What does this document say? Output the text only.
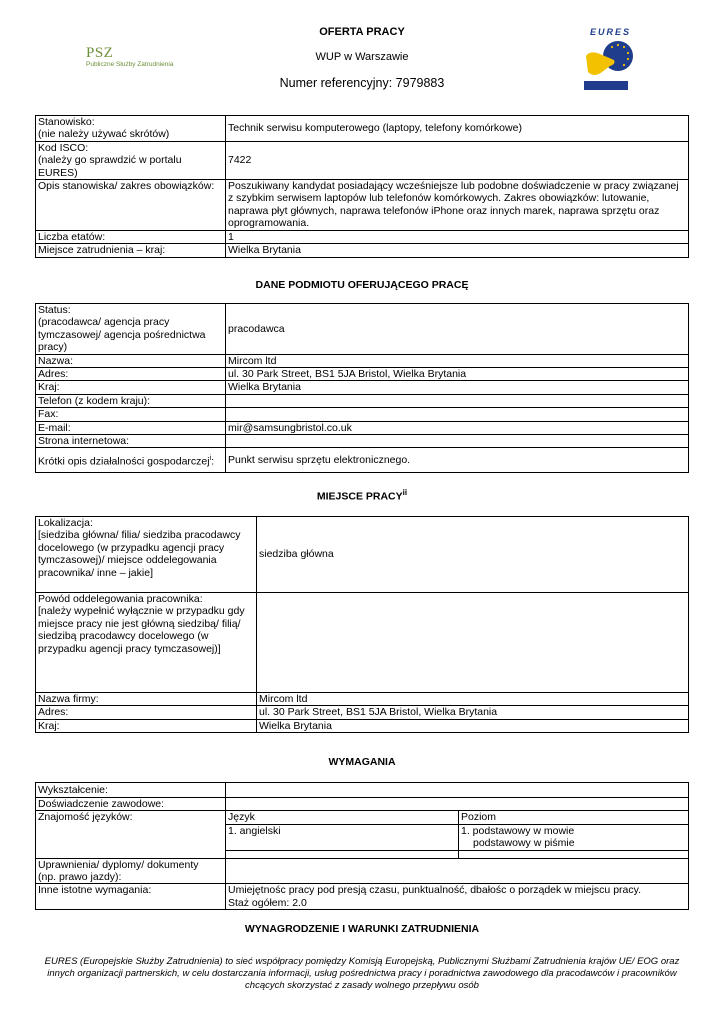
OFERTA PRACY
WUP w Warszawie
Numer referencyjny: 7979883
PSZ
Publiczne Służby Zatrudnienia
EURES
Stanowisko:
(nie należy używać skrótów)	Technik serwisu komputerowego (laptopy, telefony komórkowe)
Kod ISCO:
(należy go sprawdzić w portalu EURES)	7422
Opis stanowiska/ zakres obowiązków:	Poszukiwany kandydat posiadający wcześniejsze lub podobne doświadczenie w pracy związanej z szybkim serwisem laptopów lub telefonów komórkowych. Zakres obowiązków: lutowanie, naprawa płyt głównych, naprawa telefonów iPhone oraz innych marek, naprawa sprzętu oraz oprogramowania.
Liczba etatów:	1
Miejsce zatrudnienia – kraj:	Wielka Brytania
DANE PODMIOTU OFERUJĄCEGO PRACĘ
Status:
(pracodawca/ agencja pracy tymczasowej/ agencja pośrednictwa pracy)	pracodawca
Nazwa:	Mircom ltd
Adres:	ul. 30 Park Street, BS1 5JA Bristol, Wielka Brytania
Kraj:	Wielka Brytania
Telefon (z kodem kraju):	
Fax:	
E-mail:	mir@samsungbristol.co.uk
Strona internetowa:	
Krótki opis działalności gospodarczej$^i$:	Punkt serwisu sprzętu elektronicznego.
MIEJSCE PRACY$^{ii}$
Lokalizacja:
[siedziba główna/ filia/ siedziba pracodawcy docelowego (w przypadku agencji pracy tymczasowej)/ miejsce oddelegowania pracownika/ inne – jakie]	siedziba główna
Powód oddelegowania pracownika:
[należy wypełnić wyłącznie w przypadku gdy miejsce pracy nie jest główną siedzibą/ filią/ siedzibą pracodawcy docelowego (w przypadku agencji pracy tymczasowej)]	
Nazwa firmy:	Mircom ltd
Adres:	ul. 30 Park Street, BS1 5JA Bristol, Wielka Brytania
Kraj:	Wielka Brytania
WYMAGANIA
Wykształcenie:		
Doświadczenie zawodowe:		
Znajomość języków:	Język	Poziom
	1. angielski	1. podstawowy w mowie
podstawowy w piśmie

Uprawnienia/ dyplomy/ dokumenty
(np. prawo jazdy):		
Inne istotne wymagania:	Umiejętnośc pracy pod presją czasu, punktualność, dbałośc o porządek w miejscu pracy.
Staż ogółem: 2.0	
WYNAGRODZENIE I WARUNKI ZATRUDNIENIA
EURES (Europejskie Służby Zatrudnienia) to sieć współpracy pomiędzy Komisją Europejską, Publicznymi Służbami Zatrudnienia krajów UE/ EOG oraz innych organizacji partnerskich, w celu dostarczania informacji, usług pośrednictwa pracy i poradnictwa zawodowego dla pracodawców i pracowników chcących skorzystać z zasady wolnego przepływu osób
